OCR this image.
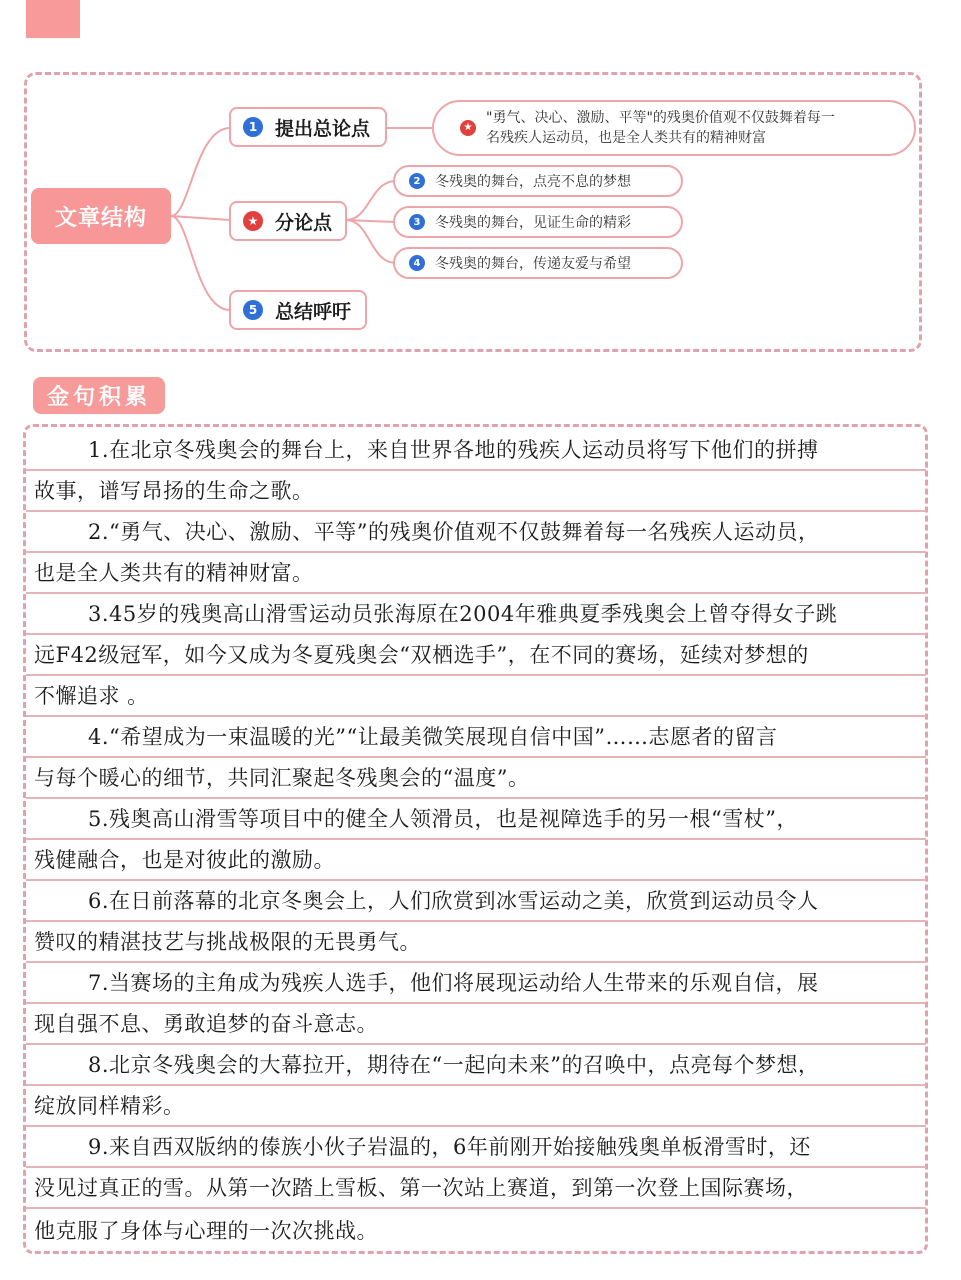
文章结构
1 提出总论点
★ 分论点
5 总结呼吁
★
"勇气、决心、激励、平等"的残奥价值观不仅鼓舞着每一
名残疾人运动员，也是全人类共有的精神财富
2	冬残奥的舞台，点亮不息的梦想
3	冬残奥的舞台，见证生命的精彩
4	冬残奥的舞台，传递友爱与希望
金句积累
1.在北京冬残奥会的舞台上，来自世界各地的残疾人运动员将写下他们的拼搏
故事，谱写昂扬的生命之歌。
2.“勇气、决心、激励、平等”的残奥价值观不仅鼓舞着每一名残疾人运动员，
也是全人类共有的精神财富。
3.45岁的残奥高山滑雪运动员张海原在2004年雅典夏季残奥会上曾夺得女子跳
远F42级冠军，如今又成为冬夏残奥会“双栖选手”，在不同的赛场，延续对梦想的
不懈追求 。
4.“希望成为一束温暖的光”“让最美微笑展现自信中国”……志愿者的留言
与每个暖心的细节，共同汇聚起冬残奥会的“温度”。
5.残奥高山滑雪等项目中的健全人领滑员，也是视障选手的另一根“雪杖”，
残健融合，也是对彼此的激励。
6.在日前落幕的北京冬奥会上，人们欣赏到冰雪运动之美，欣赏到运动员令人
赞叹的精湛技艺与挑战极限的无畏勇气。
7.当赛场的主角成为残疾人选手，他们将展现运动给人生带来的乐观自信，展
现自强不息、勇敢追梦的奋斗意志。
8.北京冬残奥会的大幕拉开，期待在“一起向未来”的召唤中，点亮每个梦想，
绽放同样精彩。
9.来自西双版纳的傣族小伙子岩温的，6年前刚开始接触残奥单板滑雪时，还
没见过真正的雪。从第一次踏上雪板、第一次站上赛道，到第一次登上国际赛场，
他克服了身体与心理的一次次挑战。
